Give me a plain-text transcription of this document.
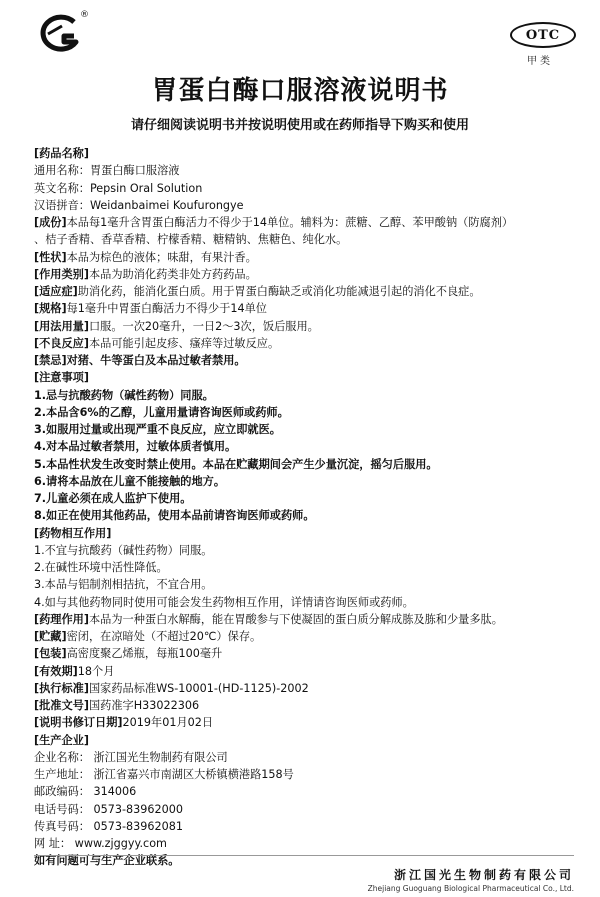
®
OTC
甲类
胃蛋白酶口服溶液说明书
请仔细阅读说明书并按说明使用或在药师指导下购买和使用
[药品名称]
通用名称：胃蛋白酶口服溶液
英文名称：Pepsin Oral Solution
汉语拼音：Weidanbaimei Koufurongye
[成份]本品每1毫升含胃蛋白酶活力不得少于14单位。辅料为：蔗糖、乙醇、苯甲酸钠（防腐剂）
、桔子香精、香草香精、柠檬香精、糖精钠、焦糖色、纯化水。
[性状]本品为棕色的液体；味甜，有果汁香。
[作用类别]本品为助消化药类非处方药药品。
[适应症]助消化药，能消化蛋白质。用于胃蛋白酶缺乏或消化功能减退引起的消化不良症。
[规格]每1毫升中胃蛋白酶活力不得少于14单位
[用法用量]口服。一次20毫升，一日2～3次，饭后服用。
[不良反应]本品可能引起皮疹、瘙痒等过敏反应。
[禁忌]对猪、牛等蛋白及本品过敏者禁用。
[注意事项]
1.忌与抗酸药物（碱性药物）同服。
2.本品含6%的乙醇，儿童用量请咨询医师或药师。
3.如服用过量或出现严重不良反应，应立即就医。
4.对本品过敏者禁用，过敏体质者慎用。
5.本品性状发生改变时禁止使用。本品在贮藏期间会产生少量沉淀，摇匀后服用。
6.请将本品放在儿童不能接触的地方。
7.儿童必须在成人监护下使用。
8.如正在使用其他药品，使用本品前请咨询医师或药师。
[药物相互作用]
1.不宜与抗酸药（碱性药物）同服。
2.在碱性环境中活性降低。
3.本品与铝制剂相拮抗，不宜合用。
4.如与其他药物同时使用可能会发生药物相互作用，详情请咨询医师或药师。
[药理作用]本品为一种蛋白水解酶，能在胃酸参与下使凝固的蛋白质分解成胨及胨和少量多肽。
[贮藏]密闭，在凉暗处（不超过20℃）保存。
[包装]高密度聚乙烯瓶，每瓶100毫升
[有效期]18个月
[执行标准]国家药品标准WS-10001-(HD-1125)-2002
[批准文号]国药准字H33022306
[说明书修订日期]2019年01月02日
[生产企业]
企业名称： 浙江国光生物制药有限公司
生产地址： 浙江省嘉兴市南湖区大桥镇横港路158号
邮政编码： 314006
电话号码： 0573-83962000
传真号码： 0573-83962081
网 址： www.zjggyy.com
如有问题可与生产企业联系。
浙江国光生物制药有限公司
Zhejiang Guoguang Biological Pharmaceutical Co., Ltd.
